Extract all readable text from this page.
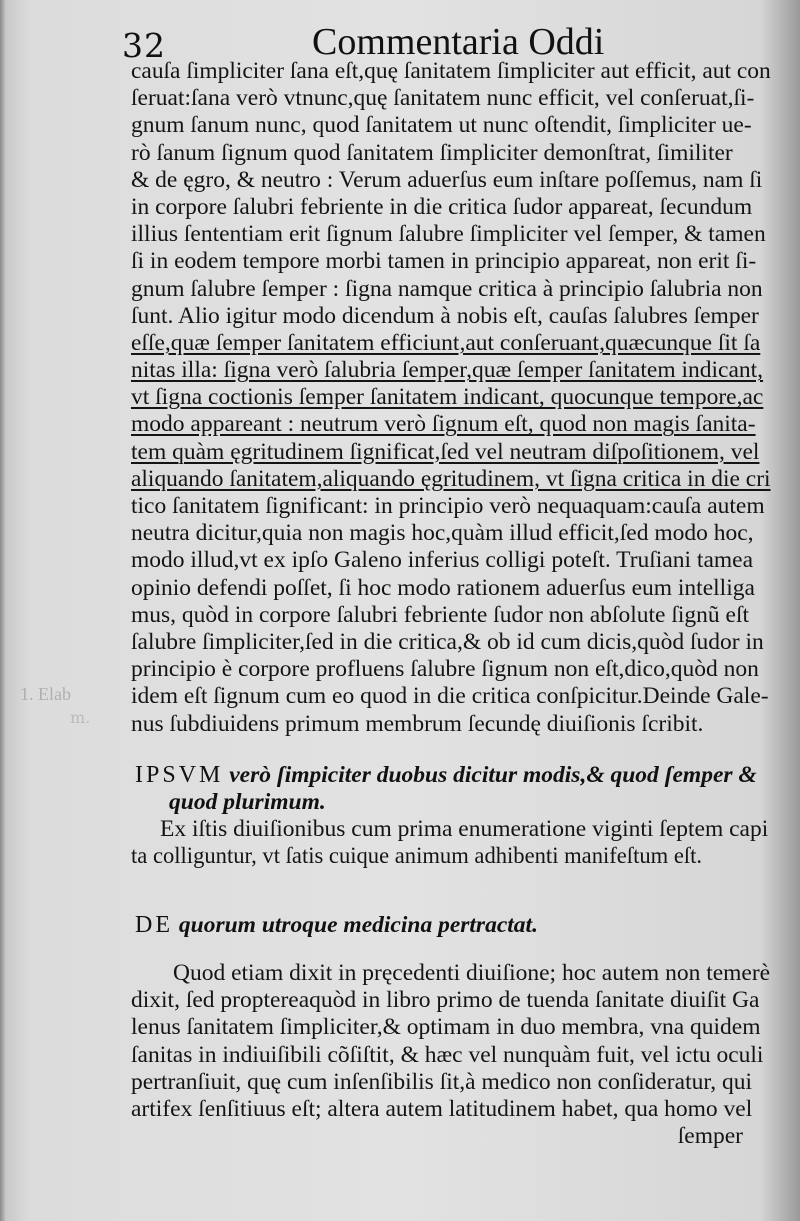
32	Commentaria Oddi
1. Elab
m.
cauſa ſimpliciter ſana eſt,quę ſanitatem ſimpliciter aut efficit, aut con
ſeruat:ſana verò vtnunc,quę ſanitatem nunc efficit, vel conſeruat,ſi-
gnum ſanum nunc, quod ſanitatem ut nunc oſtendit, ſimpliciter ue-
rò ſanum ſignum quod ſanitatem ſimpliciter demonſtrat, ſimiliter
& de ęgro, & neutro : Verum aduerſus eum inſtare poſſemus, nam ſi
in corpore ſalubri febriente in die critica ſudor appareat, ſecundum
illius ſententiam erit ſignum ſalubre ſimpliciter vel ſemper, & tamen
ſi in eodem tempore morbi tamen in principio appareat, non erit ſi-
gnum ſalubre ſemper : ſigna namque critica à principio ſalubria non
ſunt. Alio igitur modo dicendum à nobis eſt, cauſas ſalubres ſemper
eſſe,quæ ſemper ſanitatem efficiunt,aut conſeruant,quæcunque ſit ſa
nitas illa: ſigna verò ſalubria ſemper,quæ ſemper ſanitatem indicant,
vt ſigna coctionis ſemper ſanitatem indicant, quocunque tempore,ac
modo appareant : neutrum verò ſignum eſt, quod non magis ſanita-
tem quàm ęgritudinem ſignificat,ſed vel neutram diſpoſitionem, vel
aliquando ſanitatem,aliquando ęgritudinem, vt ſigna critica in die cri
tico ſanitatem ſignificant: in principio verò nequaquam:cauſa autem
neutra dicitur,quia non magis hoc,quàm illud efficit,ſed modo hoc,
modo illud,vt ex ipſo Galeno inferius colligi poteſt. Truſiani tamea
opinio defendi poſſet, ſi hoc modo rationem aduerſus eum intelliga
mus, quòd in corpore ſalubri febriente ſudor non abſolute ſignũ eſt
ſalubre ſimpliciter,ſed in die critica,& ob id cum dicis,quòd ſudor in
principio è corpore profluens ſalubre ſignum non eſt,dico,quòd non
idem eſt ſignum cum eo quod in die critica conſpicitur.Deinde Gale-
nus ſubdiuidens primum membrum ſecundę diuiſionis ſcribit.
IPSVM verò ſimpiciter duobus dicitur modis,& quod ſemper &
quod plurimum.
Ex iſtis diuiſionibus cum prima enumeratione viginti ſeptem capi
ta colliguntur, vt ſatis cuique animum adhibenti manifeſtum eſt.
DE quorum utroque medicina pertractat.
Quod etiam dixit in pręcedenti diuiſione; hoc autem non temerè
dixit, ſed proptereaquòd in libro primo de tuenda ſanitate diuiſit Ga
lenus ſanitatem ſimpliciter,& optimam in duo membra, vna quidem
ſanitas in indiuiſibili cõſiſtit, & hæc vel nunquàm fuit, vel ictu oculi
pertranſiuit, quę cum inſenſibilis ſit,à medico non conſideratur, qui
artifex ſenſitiuus eſt; altera autem latitudinem habet, qua homo vel
ſemper
